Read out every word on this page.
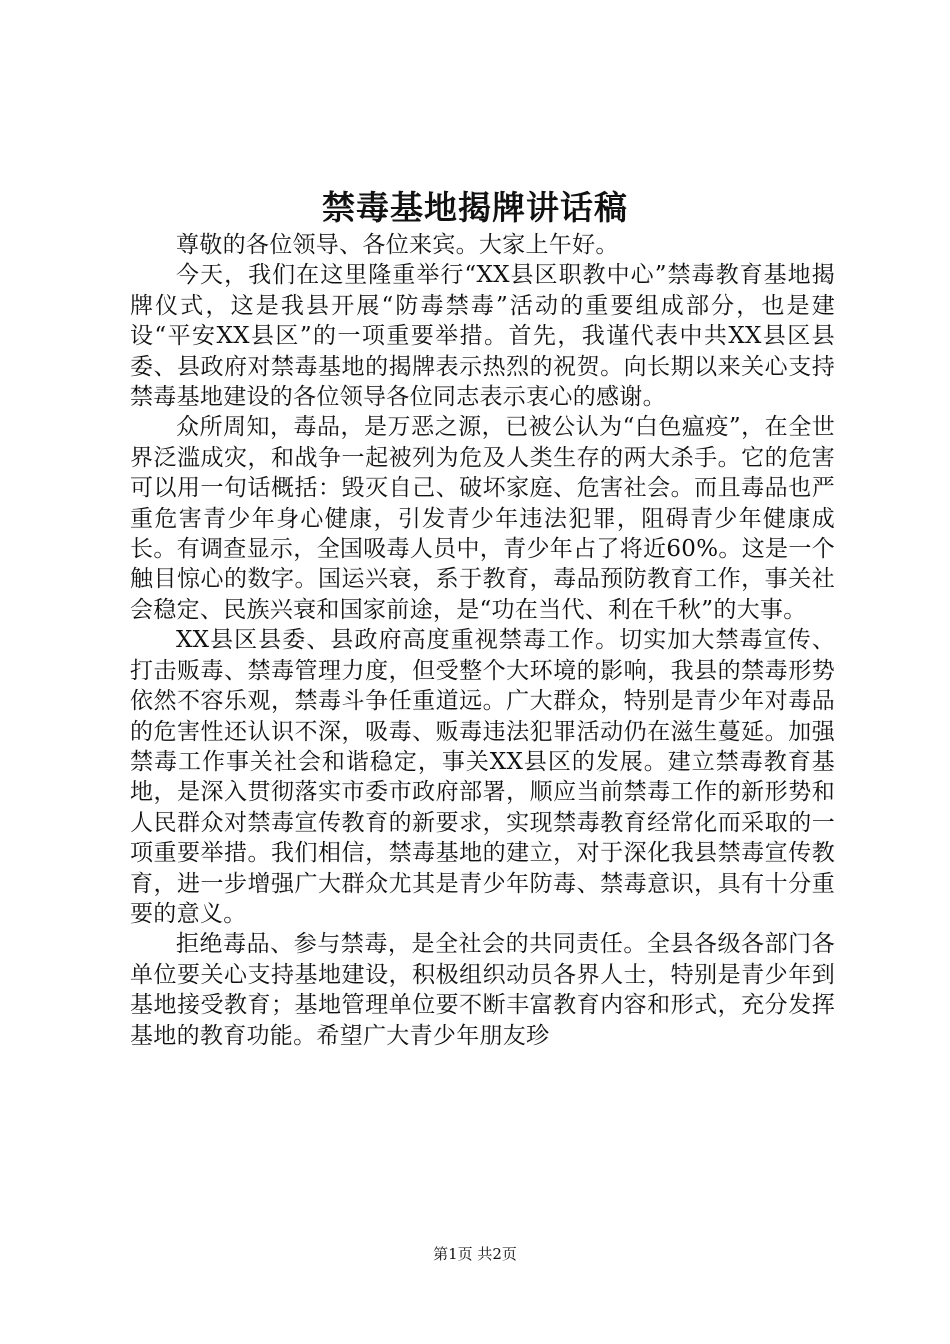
禁毒基地揭牌讲话稿

尊敬的各位领导、各位来宾。大家上午好。

今天，我们在这里隆重举行“XX县区职教中心”禁毒教育基地揭牌仪式，这是我县开展“防毒禁毒”活动的重要组成部分，也是建设“平安XX县区”的一项重要举措。首先，我谨代表中共XX县区县委、县政府对禁毒基地的揭牌表示热烈的祝贺。向长期以来关心支持禁毒基地建设的各位领导各位同志表示衷心的感谢。

众所周知，毒品，是万恶之源，已被公认为“白色瘟疫”，在全世界泛滥成灾，和战争一起被列为危及人类生存的两大杀手。它的危害可以用一句话概括：毁灭自己、破坏家庭、危害社会。而且毒品也严重危害青少年身心健康，引发青少年违法犯罪，阻碍青少年健康成长。有调查显示，全国吸毒人员中，青少年占了将近60%。这是一个触目惊心的数字。国运兴衰，系于教育，毒品预防教育工作，事关社会稳定、民族兴衰和国家前途，是“功在当代、利在千秋”的大事。

XX县区县委、县政府高度重视禁毒工作。切实加大禁毒宣传、打击贩毒、禁毒管理力度，但受整个大环境的影响，我县的禁毒形势依然不容乐观，禁毒斗争任重道远。广大群众，特别是青少年对毒品的危害性还认识不深，吸毒、贩毒违法犯罪活动仍在滋生蔓延。加强禁毒工作事关社会和谐稳定，事关XX县区的发展。建立禁毒教育基地，是深入贯彻落实市委市政府部署，顺应当前禁毒工作的新形势和人民群众对禁毒宣传教育的新要求，实现禁毒教育经常化而采取的一项重要举措。我们相信，禁毒基地的建立，对于深化我县禁毒宣传教育，进一步增强广大群众尤其是青少年防毒、禁毒意识，具有十分重要的意义。

拒绝毒品、参与禁毒，是全社会的共同责任。全县各级各部门各单位要关心支持基地建设，积极组织动员各界人士，特别是青少年到基地接受教育；基地管理单位要不断丰富教育内容和形式，充分发挥基地的教育功能。希望广大青少年朋友珍

第1页 共2页
